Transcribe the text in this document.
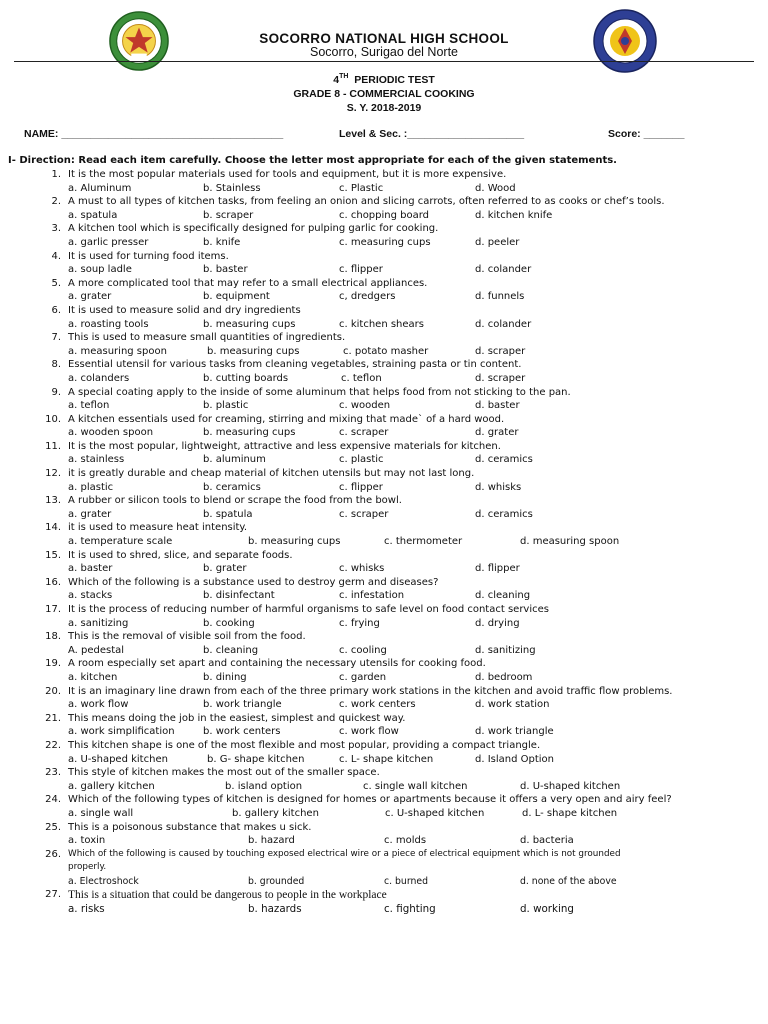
SOCORRO NATIONAL HIGH SCHOOL
Socorro, Surigao del Norte
4TH PERIODIC TEST
GRADE 8 - COMMERCIAL COOKING
S. Y. 2018-2019
NAME: ______________________________________	Level & Sec. :____________________	Score: _______
I- Direction: Read each item carefully. Choose the letter most appropriate for each of the given statements.
1. It is the most popular materials used for tools and equipment, but it is more expensive.
a. Aluminum	b. Stainless	c. Plastic	d. Wood
2. A must to all types of kitchen tasks, from feeling an onion and slicing carrots, often referred to as cooks or chef’s tools.
a. spatula	b. scraper	c. chopping board	d. kitchen knife
3. A kitchen tool which is specifically designed for pulping garlic for cooking.
a. garlic presser	b. knife	c. measuring cups	d. peeler
4. It is used for turning food items.
a. soup ladle	b. baster	c. flipper	d. colander
5. A more complicated tool that may refer to a small electrical appliances.
a. grater	b. equipment	c, dredgers	d. funnels
6. It is used to measure solid and dry ingredients
a. roasting tools	b. measuring cups	c. kitchen shears	d. colander
7. This is used to measure small quantities of ingredients.
a. measuring spoon	b. measuring cups	c. potato masher	d. scraper
8. Essential utensil for various tasks from cleaning vegetables, straining pasta or tin content.
a. colanders	b. cutting boards	c. teflon	d. scraper
9. A special coating apply to the inside of some aluminum that helps food from not sticking to the pan.
a. teflon	b. plastic	c. wooden	d. baster
10. A kitchen essentials used for creaming, stirring and mixing that made` of a hard wood.
a. wooden spoon	b. measuring cups	c. scraper	d. grater
11. It is the most popular, lightweight, attractive and less expensive materials for kitchen.
a. stainless	b. aluminum	c. plastic	d. ceramics
12. it is greatly durable and cheap material of kitchen utensils but may not last long.
a. plastic	b. ceramics	c. flipper	d. whisks
13. A rubber or silicon tools to blend or scrape the food from the bowl.
a. grater	b. spatula	c. scraper	d. ceramics
14. it is used to measure heat intensity.
a. temperature scale	b. measuring cups	c. thermometer	d. measuring spoon
15. It is used to shred, slice, and separate foods.
a. baster	b. grater	c. whisks	d. flipper
16. Which of the following is a substance used to destroy germ and diseases?
a. stacks	b. disinfectant	c. infestation	d. cleaning
17. It is the process of reducing number of harmful organisms to safe level on food contact services
a. sanitizing	b. cooking	c. frying	d. drying
18. This is the removal of visible soil from the food.
A. pedestal	b. cleaning	c. cooling	d. sanitizing
19. A room especially set apart and containing the necessary utensils for cooking food.
a. kitchen	b. dining	c. garden	d. bedroom
20. It is an imaginary line drawn from each of the three primary work stations in the kitchen and avoid traffic flow problems.
a. work flow	b. work triangle	c. work centers	d. work station
21. This means doing the job in the easiest, simplest and quickest way.
a. work simplification	b. work centers	c. work flow	d. work triangle
22. This kitchen shape is one of the most flexible and most popular, providing a compact triangle.
a. U-shaped kitchen	b. G- shape kitchen	c. L- shape kitchen	d. Island Option
23. This style of kitchen makes the most out of the smaller space.
a. gallery kitchen	b. island option	c. single wall kitchen	d. U-shaped kitchen
24. Which of the following types of kitchen is designed for homes or apartments because it offers a very open and airy feel?
a. single wall	b. gallery kitchen	c. U-shaped kitchen	d. L- shape kitchen
25. This is a poisonous substance that makes u sick.
a. toxin	b. hazard	c. molds	d. bacteria
26. Which of the following is caused by touching exposed electrical wire or a piece of electrical equipment which is not grounded
properly.
a. Electroshock	b. grounded	c. burned	d. none of the above
27. This is a situation that could be dangerous to people in the workplace
a. risks	b. hazards	c. fighting	d. working
